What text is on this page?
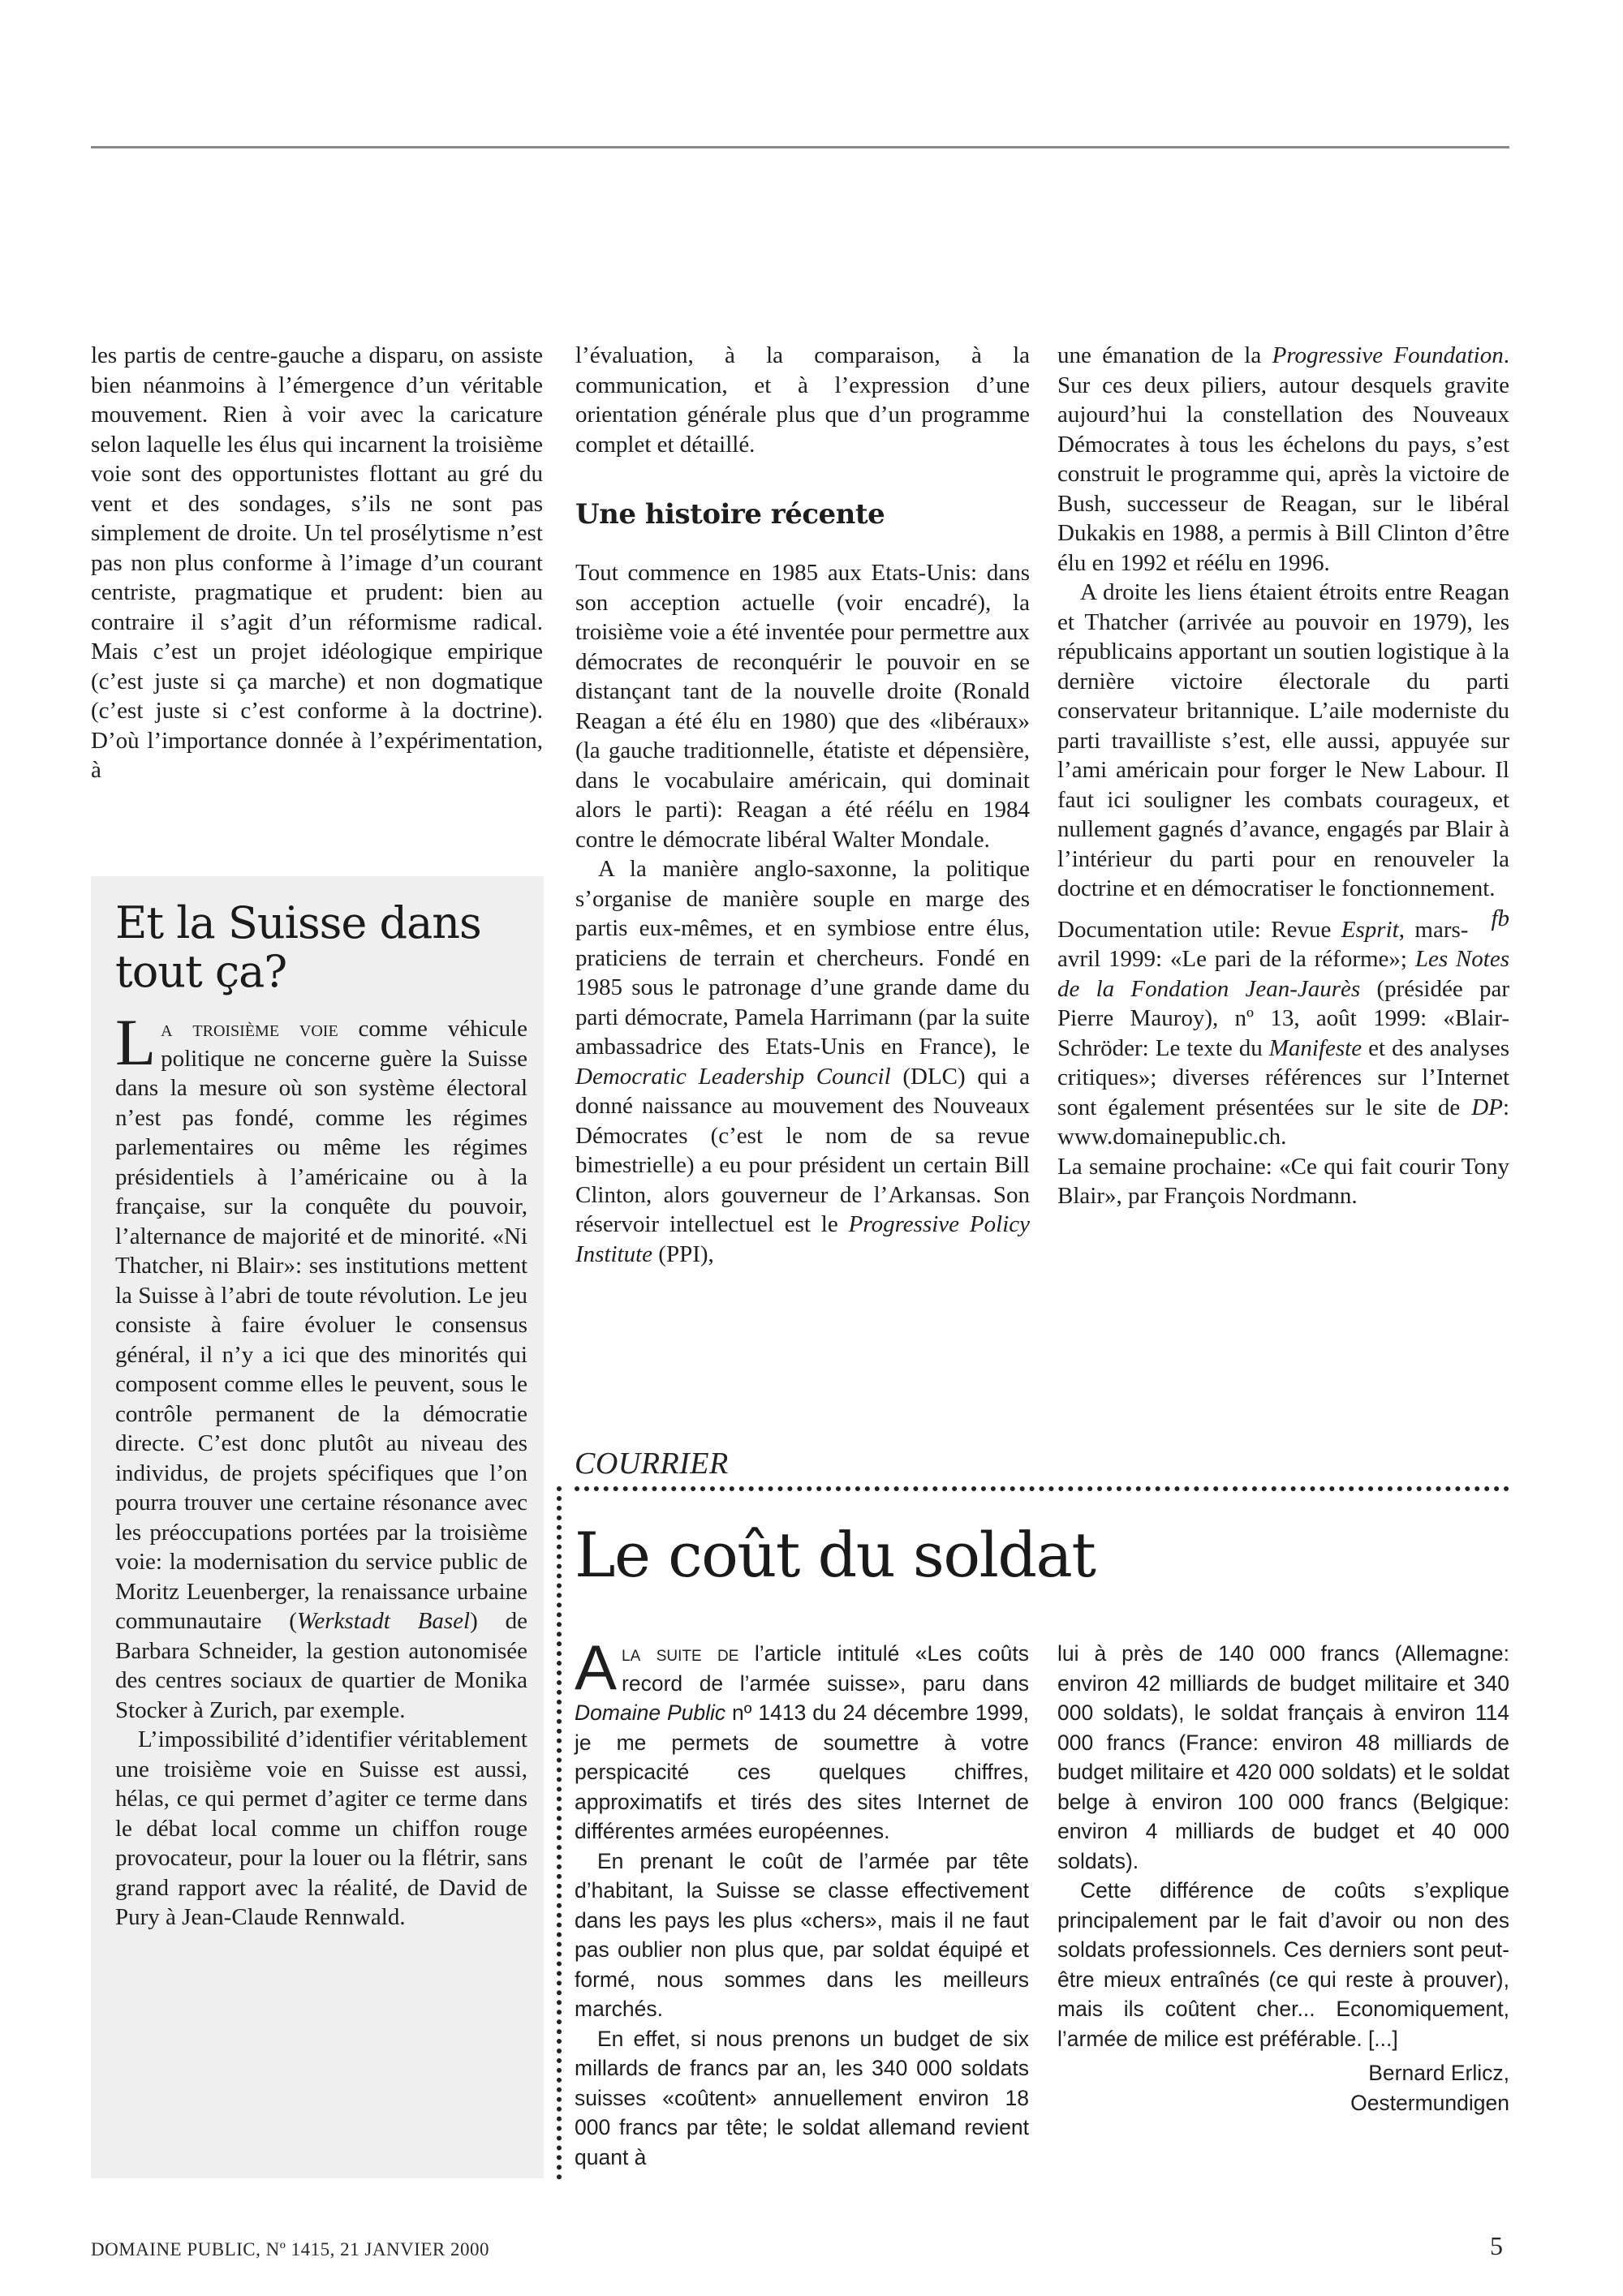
les partis de centre-gauche a disparu, on assiste bien néanmoins à l’émergence d’un véritable mouvement. Rien à voir avec la caricature selon laquelle les élus qui incarnent la troisième voie sont des opportunistes flottant au gré du vent et des sondages, s’ils ne sont pas simplement de droite. Un tel prosélytisme n’est pas non plus conforme à l’image d’un courant centriste, pragmatique et prudent: bien au contraire il s’agit d’un réformisme radical. Mais c’est un projet idéologique empirique (c’est juste si ça marche) et non dogmatique (c’est juste si c’est conforme à la doctrine). D’où l’importance donnée à l’expérimentation, à

l’évaluation, à la comparaison, à la communication, et à l’expression d’une orientation générale plus que d’un programme complet et détaillé.

Une histoire récente

Tout commence en 1985 aux Etats-Unis: dans son acception actuelle (voir encadré), la troisième voie a été inventée pour permettre aux démocrates de reconquérir le pouvoir en se distançant tant de la nouvelle droite (Ronald Reagan a été élu en 1980) que des «libéraux» (la gauche traditionnelle, étatiste et dépensière, dans le vocabulaire américain, qui dominait alors le parti): Reagan a été réélu en 1984 contre le démocrate libéral Walter Mondale.

A la manière anglo-saxonne, la politique s’organise de manière souple en marge des partis eux-mêmes, et en symbiose entre élus, praticiens de terrain et chercheurs. Fondé en 1985 sous le patronage d’une grande dame du parti démocrate, Pamela Harrimann (par la suite ambassadrice des Etats-Unis en France), le Democratic Leadership Council (DLC) qui a donné naissance au mouvement des Nouveaux Démocrates (c’est le nom de sa revue bimestrielle) a eu pour président un certain Bill Clinton, alors gouverneur de l’Arkansas. Son réservoir intellectuel est le Progressive Policy Institute (PPI),

une émanation de la Progressive Foundation. Sur ces deux piliers, autour desquels gravite aujourd’hui la constellation des Nouveaux Démocrates à tous les échelons du pays, s’est construit le programme qui, après la victoire de Bush, successeur de Reagan, sur le libéral Dukakis en 1988, a permis à Bill Clinton d’être élu en 1992 et réélu en 1996.

A droite les liens étaient étroits entre Reagan et Thatcher (arrivée au pouvoir en 1979), les républicains apportant un soutien logistique à la dernière victoire électorale du parti conservateur britannique. L’aile moderniste du parti travailliste s’est, elle aussi, appuyée sur l’ami américain pour forger le New Labour. Il faut ici souligner les combats courageux, et nullement gagnés d’avance, engagés par Blair à l’intérieur du parti pour en renouveler la doctrine et en démocratiser le fonctionnement.
fb

Documentation utile: Revue Esprit, mars-avril 1999: «Le pari de la réforme»; Les Notes de la Fondation Jean-Jaurès (présidée par Pierre Mauroy), nº 13, août 1999: «Blair-Schröder: Le texte du Manifeste et des analyses critiques»; diverses références sur l’Internet sont également présentées sur le site de DP: www.domainepublic.ch.

La semaine prochaine: «Ce qui fait courir Tony Blair», par François Nordmann.

Et la Suisse dans tout ça?

La troisième voie comme véhicule politique ne concerne guère la Suisse dans la mesure où son système électoral n’est pas fondé, comme les régimes parlementaires ou même les régimes présidentiels à l’américaine ou à la française, sur la conquête du pouvoir, l’alternance de majorité et de minorité. «Ni Thatcher, ni Blair»: ses institutions mettent la Suisse à l’abri de toute révolution. Le jeu consiste à faire évoluer le consensus général, il n’y a ici que des minorités qui composent comme elles le peuvent, sous le contrôle permanent de la démocratie directe. C’est donc plutôt au niveau des individus, de projets spécifiques que l’on pourra trouver une certaine résonance avec les préoccupations portées par la troisième voie: la modernisation du service public de Moritz Leuenberger, la renaissance urbaine communautaire (Werkstadt Basel) de Barbara Schneider, la gestion autonomisée des centres sociaux de quartier de Monika Stocker à Zurich, par exemple.

L’impossibilité d’identifier véritablement une troisième voie en Suisse est aussi, hélas, ce qui permet d’agiter ce terme dans le débat local comme un chiffon rouge provocateur, pour la louer ou la flétrir, sans grand rapport avec la réalité, de David de Pury à Jean-Claude Rennwald.

COURRIER
Le coût du soldat

Ala suite de l’article intitulé «Les coûts record de l’armée suisse», paru dans Domaine Public nº 1413 du 24 décembre 1999, je me permets de soumettre à votre perspicacité ces quelques chiffres, approximatifs et tirés des sites Internet de différentes armées européennes.

En prenant le coût de l’armée par tête d’habitant, la Suisse se classe effectivement dans les pays les plus «chers», mais il ne faut pas oublier non plus que, par soldat équipé et formé, nous sommes dans les meilleurs marchés.

En effet, si nous prenons un budget de six millards de francs par an, les 340 000 soldats suisses «coûtent» annuellement environ 18 000 francs par tête; le soldat allemand revient quant à

lui à près de 140 000 francs (Allemagne: environ 42 milliards de budget militaire et 340 000 soldats), le soldat français à environ 114 000 francs (France: environ 48 milliards de budget militaire et 420 000 soldats) et le soldat belge à environ 100 000 francs (Belgique: environ 4 milliards de budget et 40 000 soldats).

Cette différence de coûts s’explique principalement par le fait d’avoir ou non des soldats professionnels. Ces derniers sont peut-être mieux entraînés (ce qui reste à prouver), mais ils coûtent cher... Economiquement, l’armée de milice est préférable. [...]

Bernard Erlicz,
Oestermundigen
DOMAINE PUBLIC, Nº 1415, 21 JANVIER 2000	5
